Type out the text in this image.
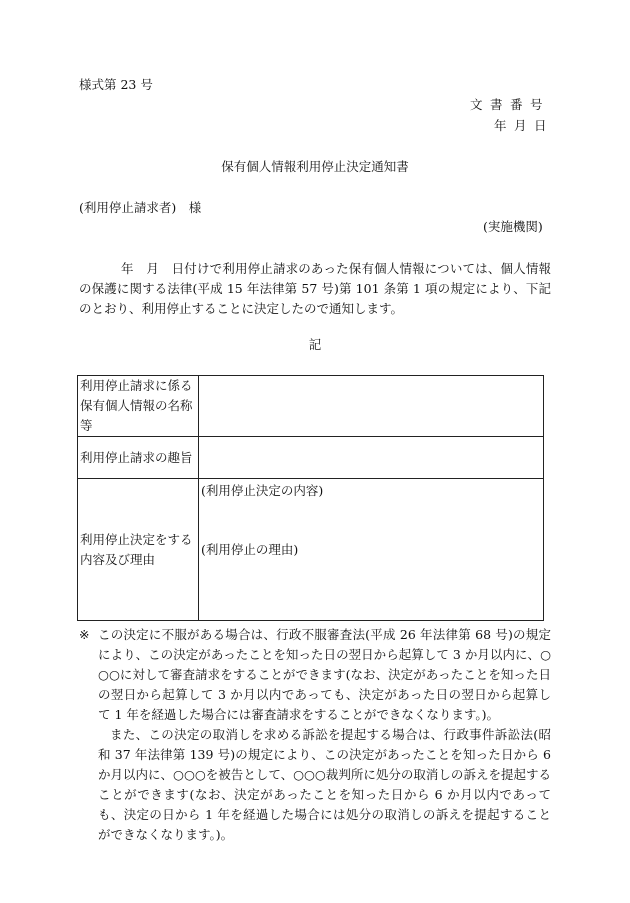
様式第 23 号
文書番号
年月日
保有個人情報利用停止決定通知書
(利用停止請求者)　様
(実施機関)
年　月　日付けで利用停止請求のあった保有個人情報については、個人情報の保護に関する法律(平成 15 年法律第 57 号)第 101 条第 1 項の規定により、下記のとおり、利用停止することに決定したので通知します。
記
利用停止請求に係る保有個人情報の名称等	
利用停止請求の趣旨	
利用停止決定をする内容及び理由	(利用停止決定の内容)
(利用停止の理由)
※ この決定に不服がある場合は、行政不服審査法(平成 26 年法律第 68 号)の規定により、この決定があったことを知った日の翌日から起算して 3 か月以内に、○○○に対して審査請求をすることができます(なお、決定があったことを知った日の翌日から起算して 3 か月以内であっても、決定があった日の翌日から起算して 1 年を経過した場合には審査請求をすることができなくなります。)。
また、この決定の取消しを求める訴訟を提起する場合は、行政事件訴訟法(昭和 37 年法律第 139 号)の規定により、この決定があったことを知った日から 6 か月以内に、○○○を被告として、○○○裁判所に処分の取消しの訴えを提起することができます(なお、決定があったことを知った日から 6 か月以内であっても、決定の日から 1 年を経過した場合には処分の取消しの訴えを提起することができなくなります。)。
